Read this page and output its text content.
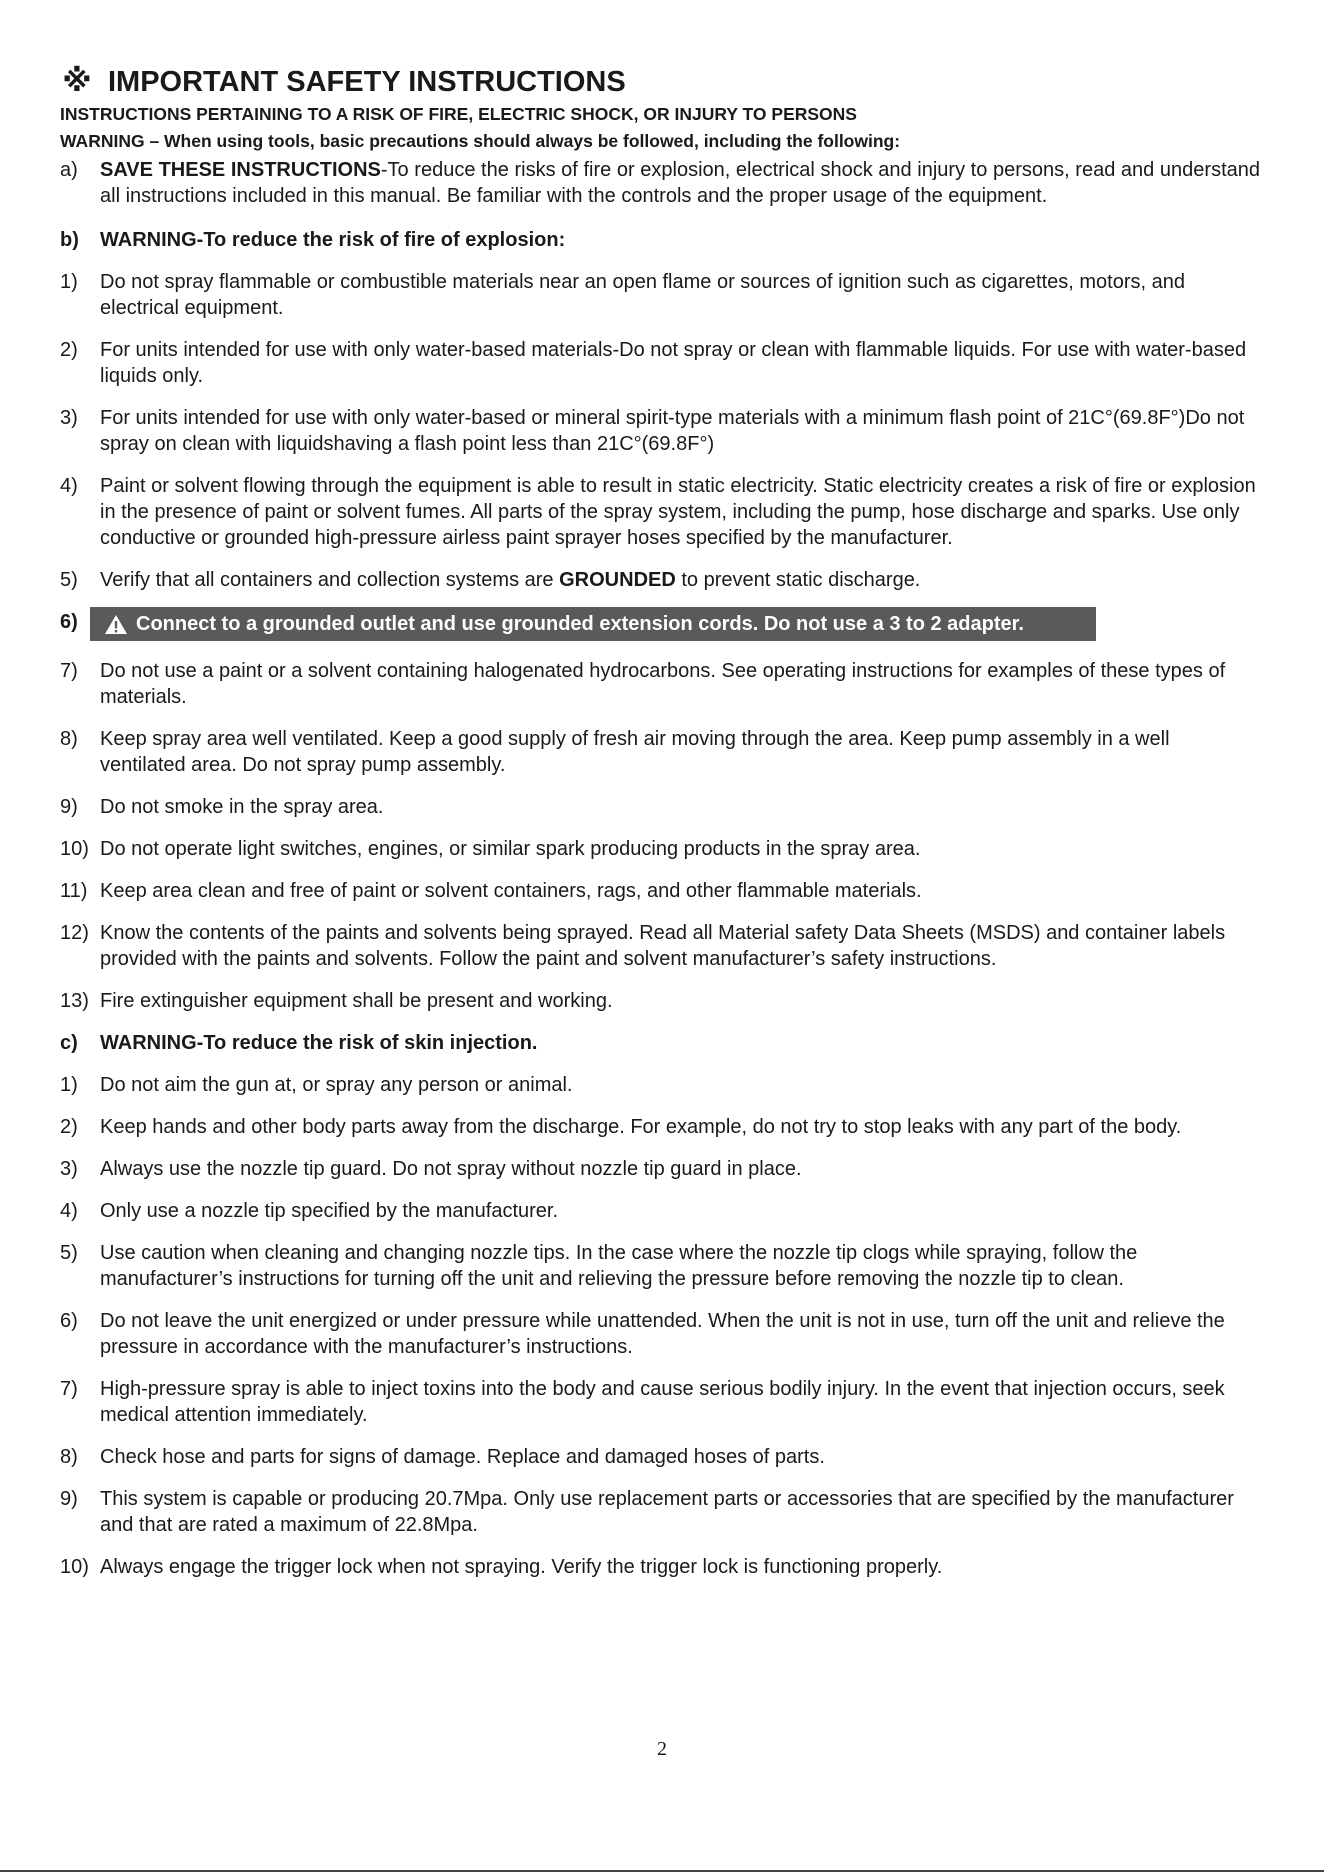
※ IMPORTANT SAFETY INSTRUCTIONS
INSTRUCTIONS PERTAINING TO A RISK OF FIRE, ELECTRIC SHOCK, OR INJURY TO PERSONS
WARNING – When using tools, basic precautions should always be followed, including the following:
a)	SAVE THESE INSTRUCTIONS-To reduce the risks of fire or explosion, electrical shock and injury to persons, read and understand all instructions included in this manual. Be familiar with the controls and the proper usage of the equipment.
b)	WARNING-To reduce the risk of fire of explosion:
1)	Do not spray flammable or combustible materials near an open flame or sources of ignition such as cigarettes, motors, and electrical equipment.
2)	For units intended for use with only water-based materials-Do not spray or clean with flammable liquids. For use with water-based liquids only.
3)	For units intended for use with only water-based or mineral spirit-type materials with a minimum flash point of 21C°(69.8F°)Do not spray on clean with liquidshaving a flash point less than 21C°(69.8F°)
4)	Paint or solvent flowing through the equipment is able to result in static electricity. Static electricity creates a risk of fire or explosion in the presence of paint or solvent fumes. All parts of the spray system, including the pump, hose discharge and sparks. Use only conductive or grounded high-pressure airless paint sprayer hoses specified by the manufacturer.
5)	Verify that all containers and collection systems are GROUNDED to prevent static discharge.
6)	Connect to a grounded outlet and use grounded extension cords. Do not use a 3 to 2 adapter.
7)	Do not use a paint or a solvent containing halogenated hydrocarbons. See operating instructions for examples of these types of materials.
8)	Keep spray area well ventilated. Keep a good supply of fresh air moving through the area. Keep pump assembly in a well ventilated area. Do not spray pump assembly.
9)	Do not smoke in the spray area.
10) Do not operate light switches, engines, or similar spark producing products in the spray area.
11) Keep area clean and free of paint or solvent containers, rags, and other flammable materials.
12) Know the contents of the paints and solvents being sprayed. Read all Material safety Data Sheets (MSDS) and container labels provided with the paints and solvents. Follow the paint and solvent manufacturer’s safety instructions.
13) Fire extinguisher equipment shall be present and working.
c)	WARNING-To reduce the risk of skin injection.
1)	Do not aim the gun at, or spray any person or animal.
2)	Keep hands and other body parts away from the discharge. For example, do not try to stop leaks with any part of the body.
3)	Always use the nozzle tip guard. Do not spray without nozzle tip guard in place.
4)	Only use a nozzle tip specified by the manufacturer.
5)	Use caution when cleaning and changing nozzle tips. In the case where the nozzle tip clogs while spraying, follow the manufacturer’s instructions for turning off the unit and relieving the pressure before removing the nozzle tip to clean.
6)	Do not leave the unit energized or under pressure while unattended. When the unit is not in use, turn off the unit and relieve the pressure in accordance with the manufacturer’s instructions.
7)	High-pressure spray is able to inject toxins into the body and cause serious bodily injury. In the event that injection occurs, seek medical attention immediately.
8)	Check hose and parts for signs of damage. Replace and damaged hoses of parts.
9)	This system is capable or producing 20.7Mpa. Only use replacement parts or accessories that are specified by the manufacturer and that are rated a maximum of 22.8Mpa.
10) Always engage the trigger lock when not spraying. Verify the trigger lock is functioning properly.
2
